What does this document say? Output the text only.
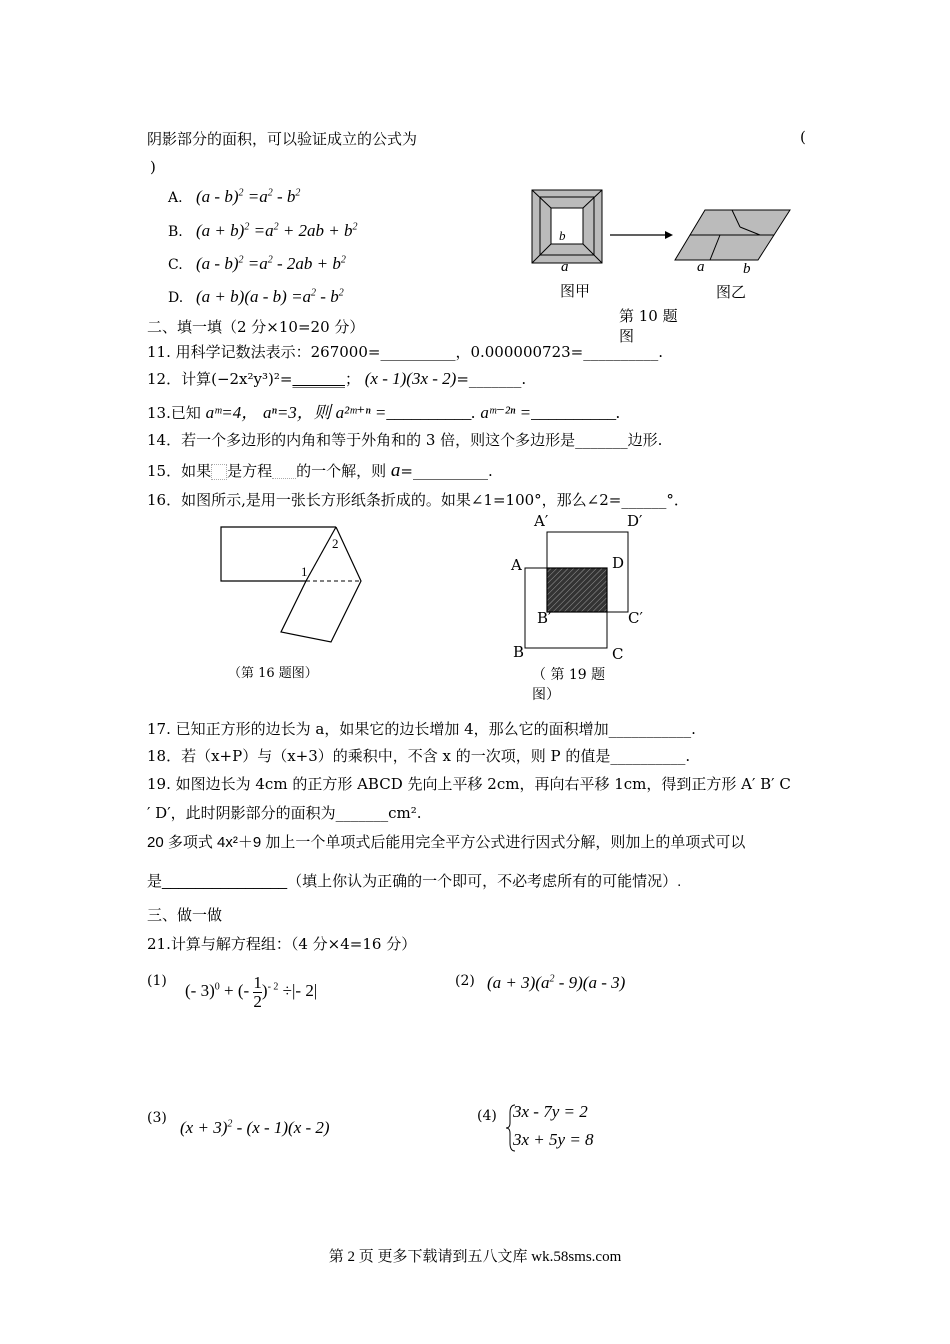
阴影部分的面积，可以验证成立的公式为	(
)
A. $(a - b)^2 =a^2 - b^2$
B. $(a + b)^2 =a^2 + 2ab + b^2$
C. $(a - b)^2 =a^2 - 2ab + b^2$
D. $(a + b)(a - b) =a^2 - b^2$
b
a
图甲
a	b
图乙
第 10 题
图
二、填一填（2 分×10=20 分）
11. 用科学记数法表示：267000=__________，0.000000723=__________.
12．计算(−2x²y³)²=_______； (x - 1)(3x - 2)=_______.
13.已知 aᵐ=4， aⁿ=3，则 a²ᵐ⁺ⁿ =__________. aᵐ⁻²ⁿ =__________.
14．若一个多边形的内角和等于外角和的 3 倍，则这个多边形是_______边形.
15．如果 是方程 的一个解，则 a=__________.
16．如图所示,是用一张长方形纸条折成的。如果∠1=100°，那么∠2=______°．
1
2
（第 16 题图）
A′	D′
A	D
B′	C′
B	C
（ 第 19 题
图）
17. 已知正方形的边长为 a，如果它的边长增加 4，那么它的面积增加___________.
18．若（x+P）与（x+3）的乘积中，不含 x 的一次项，则 P 的值是__________.
19. 如图边长为 4cm 的正方形 ABCD 先向上平移 2cm，再向右平移 1cm，得到正方形 A′ B′ C
′ D′，此时阴影部分的面积为_______cm².
20 多项式 4x²＋9 加上一个单项式后能用完全平方公式进行因式分解，则加上的单项式可以
是_______________（填上你认为正确的一个即可，不必考虑所有的可能情况）.
三、做一做
21.计算与解方程组：（4 分×4=16 分）
(1)
(- 3)$^0$ + (- $\frac{1}{2} )^{- 2}$ ÷|- 2|
(2) $(a + 3)(a^2 - 9)(a - 3)$
(3) $(x + 3)^2 - (x - 1)(x - 2)$
(4) 3x - 7y = 2
3x + 5y = 8
第 2 页 更多下载请到五八文库 wk.58sms.com
